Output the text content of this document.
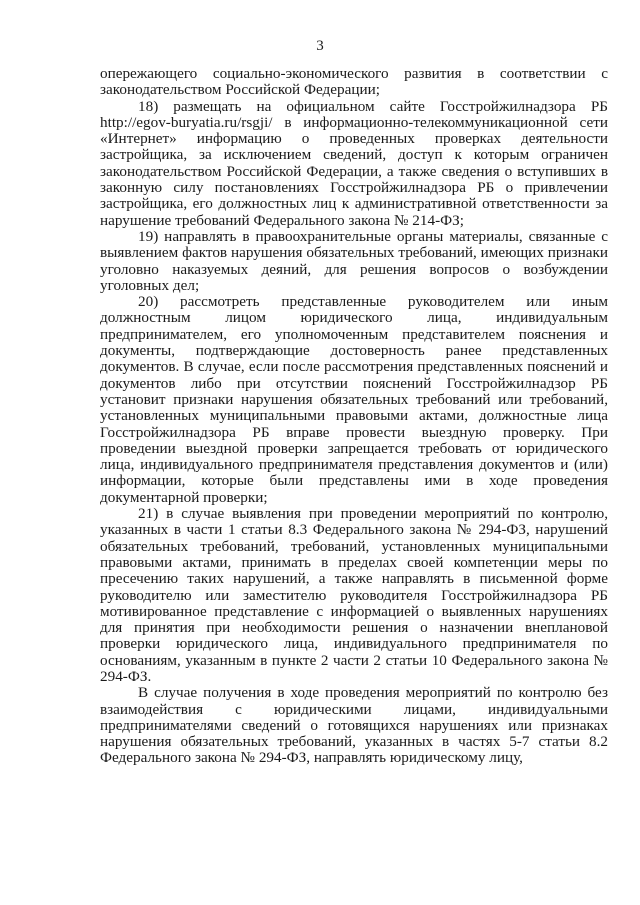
3

опережающего социально-экономического развития в соответствии с законодательством Российской Федерации;

18) размещать на официальном сайте Госстройжилнадзора РБ http://egov-buryatia.ru/rsgji/ в информационно-телекоммуникационной сети «Интернет» информацию о проведенных проверках деятельности застройщика, за исключением сведений, доступ к которым ограничен законодательством Российской Федерации, а также сведения о вступивших в законную силу постановлениях Госстройжилнадзора РБ о привлечении застройщика, его должностных лиц к административной ответственности за нарушение требований Федерального закона № 214-ФЗ;

19) направлять в правоохранительные органы материалы, связанные с выявлением фактов нарушения обязательных требований, имеющих признаки уголовно наказуемых деяний, для решения вопросов о возбуждении уголовных дел;

20) рассмотреть представленные руководителем или иным должностным лицом юридического лица, индивидуальным предпринимателем, его уполномоченным представителем пояснения и документы, подтверждающие достоверность ранее представленных документов. В случае, если после рассмотрения представленных пояснений и документов либо при отсутствии пояснений Госстройжилнадзор РБ установит признаки нарушения обязательных требований или требований, установленных муниципальными правовыми актами, должностные лица Госстройжилнадзора РБ вправе провести выездную проверку. При проведении выездной проверки запрещается требовать от юридического лица, индивидуального предпринимателя представления документов и (или) информации, которые были представлены ими в ходе проведения документарной проверки;

21) в случае выявления при проведении мероприятий по контролю, указанных в части 1 статьи 8.3 Федерального закона № 294-ФЗ, нарушений обязательных требований, требований, установленных муниципальными правовыми актами, принимать в пределах своей компетенции меры по пресечению таких нарушений, а также направлять в письменной форме руководителю или заместителю руководителя Госстройжилнадзора РБ мотивированное представление с информацией о выявленных нарушениях для принятия при необходимости решения о назначении внеплановой проверки юридического лица, индивидуального предпринимателя по основаниям, указанным в пункте 2 части 2 статьи 10 Федерального закона № 294-ФЗ.

В случае получения в ходе проведения мероприятий по контролю без взаимодействия с юридическими лицами, индивидуальными предпринимателями сведений о готовящихся нарушениях или признаках нарушения обязательных требований, указанных в частях 5-7 статьи 8.2 Федерального закона № 294-ФЗ, направлять юридическому лицу,
